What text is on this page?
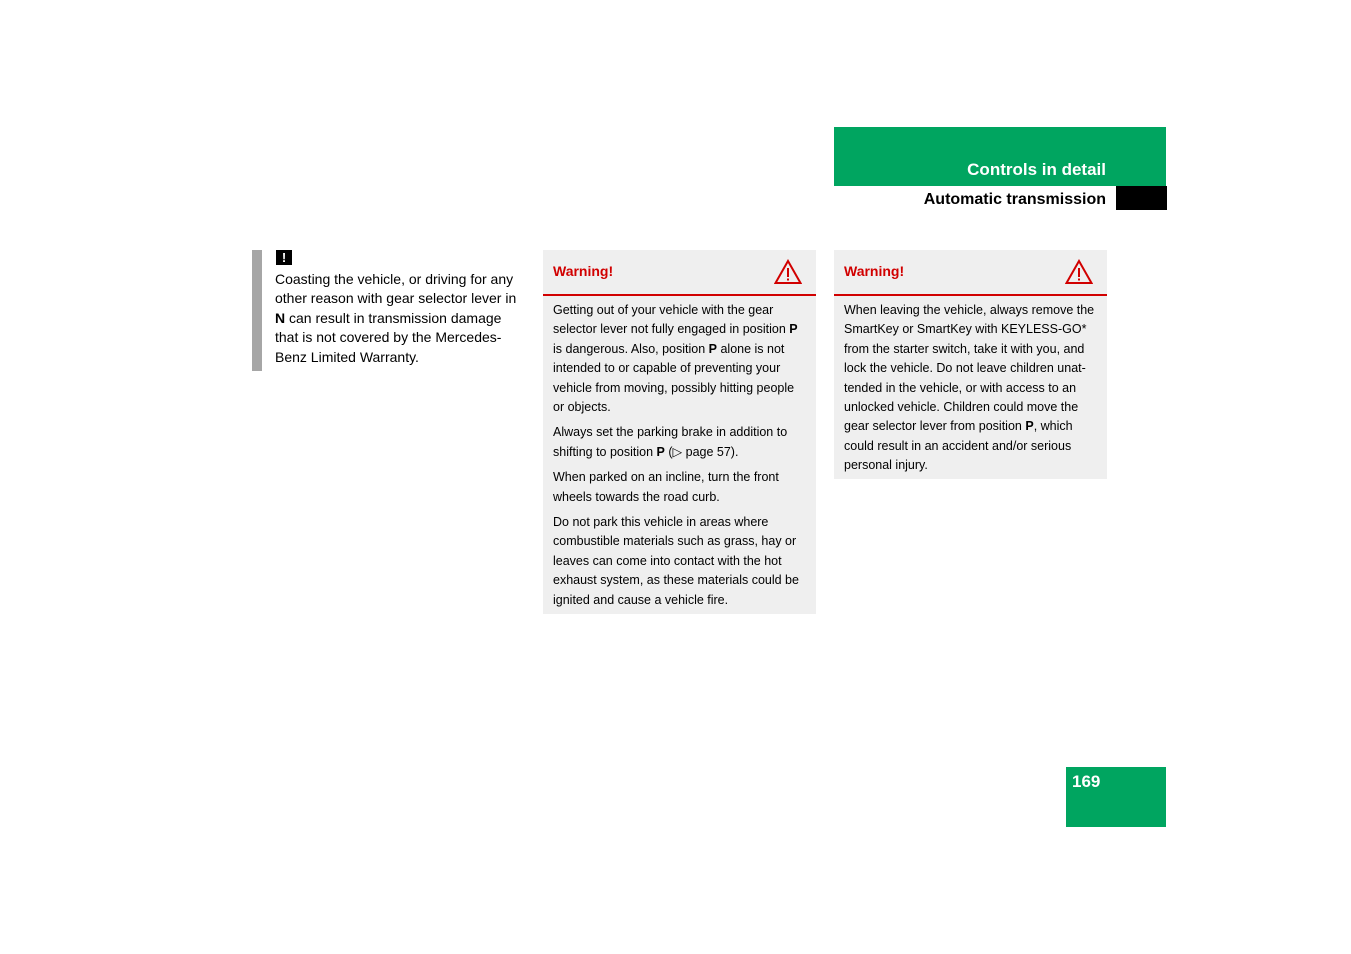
Controls in detail
Automatic transmission
!
Coasting the vehicle, or driving for any other reason with gear selector lever in N can result in transmission damage that is not covered by the Mercedes-Benz Limited Warranty.
Warning!

Getting out of your vehicle with the gear selector lever not fully engaged in position P is dangerous. Also, position P alone is not intended to or capable of preventing your vehicle from moving, possibly hitting people or objects.

Always set the parking brake in addition to shifting to position P (▷ page 57).

When parked on an incline, turn the front wheels towards the road curb.

Do not park this vehicle in areas where combustible materials such as grass, hay or leaves can come into contact with the hot exhaust system, as these materials could be ignited and cause a vehicle fire.

Warning!

When leaving the vehicle, always remove the SmartKey or SmartKey with KEYLESS-GO* from the starter switch, take it with you, and lock the vehicle. Do not leave children unat-tended in the vehicle, or with access to an unlocked vehicle. Children could move the gear selector lever from position P, which could result in an accident and/or serious personal injury.

169
